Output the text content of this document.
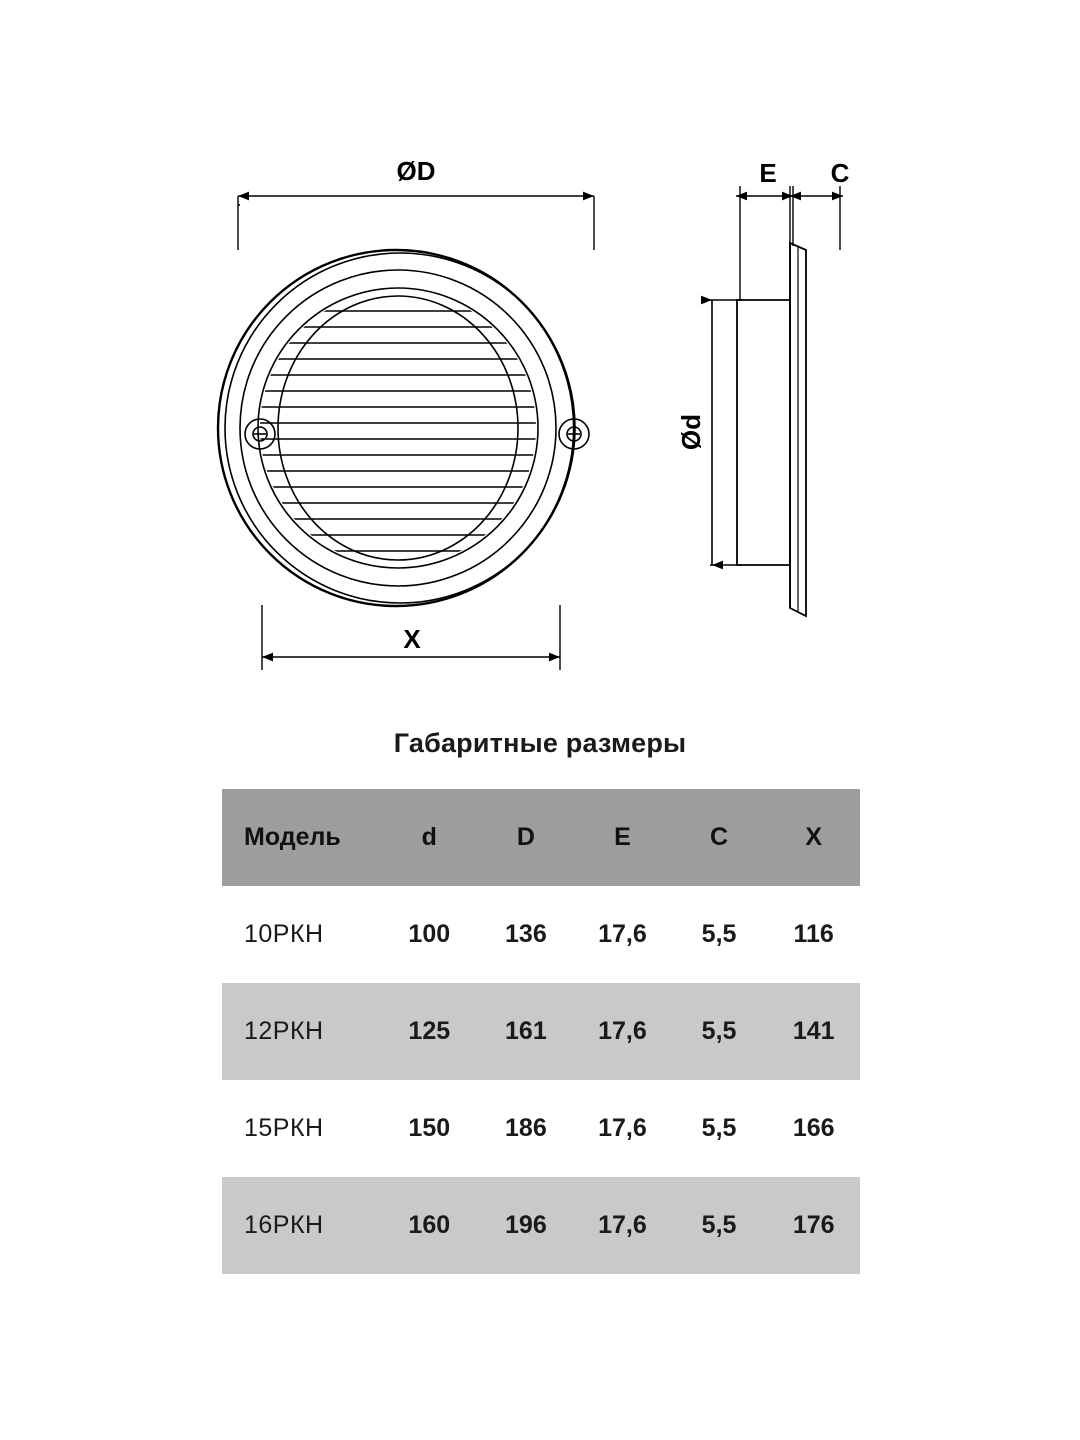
ØD
X
Ød
E C
Габаритные размеры
Модель	d	D	E	C	X
10РКН	100	136	17,6	5,5	116
12РКН	125	161	17,6	5,5	141
15РКН	150	186	17,6	5,5	166
16РКН	160	196	17,6	5,5	176
